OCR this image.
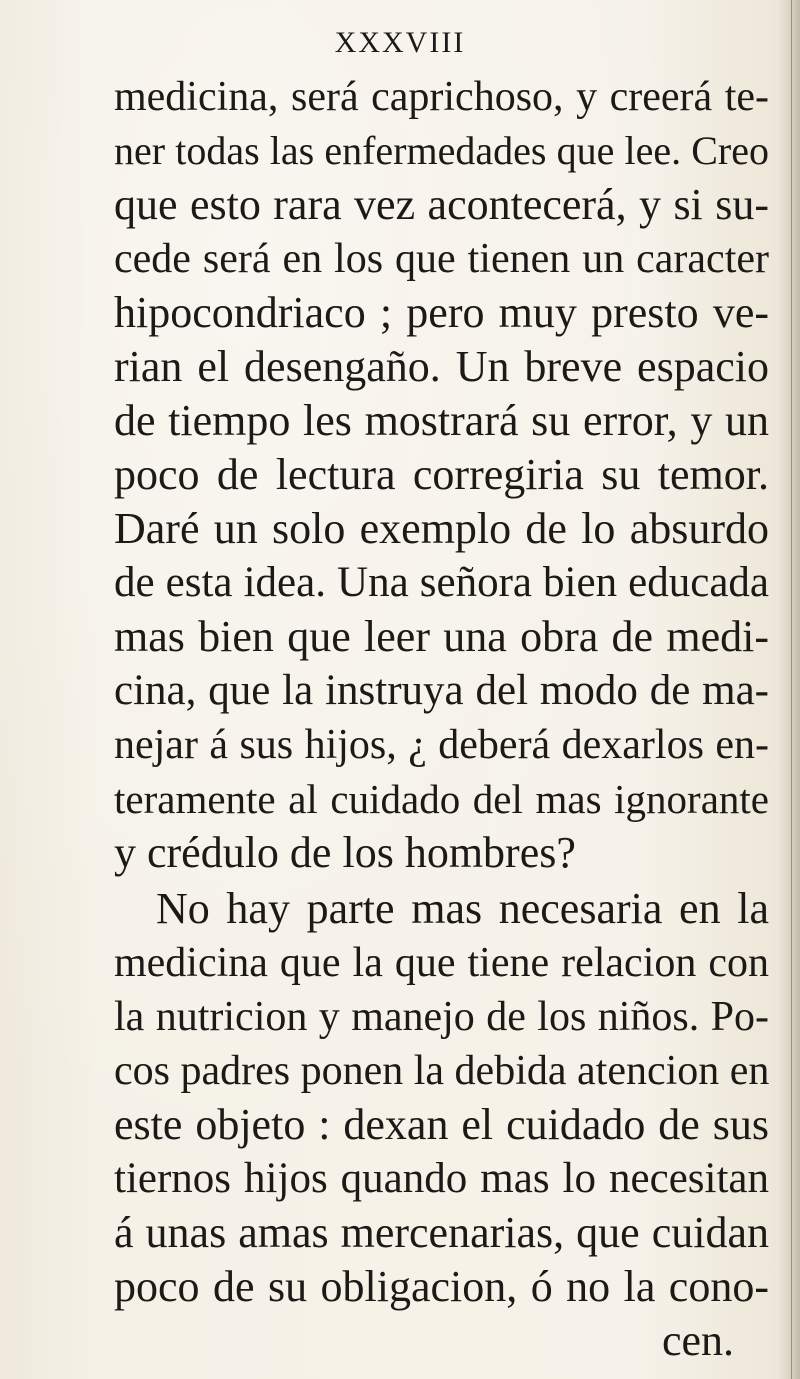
XXXVIII
medicina, será caprichoso, y creerá te-
ner todas las enfermedades que lee. Creo
que esto rara vez acontecerá, y si su-
cede será en los que tienen un caracter
hipocondriaco ; pero muy presto ve-
rian el desengaño. Un breve espacio
de tiempo les mostrará su error, y un
poco de lectura corregiria su temor.
Daré un solo exemplo de lo absurdo
de esta idea. Una señora bien educada
mas bien que leer una obra de medi-
cina, que la instruya del modo de ma-
nejar á sus hijos, ¿ deberá dexarlos en-
teramente al cuidado del mas ignorante
y crédulo de los hombres?
No hay parte mas necesaria en la
medicina que la que tiene relacion con
la nutricion y manejo de los niños. Po-
cos padres ponen la debida atencion en
este objeto : dexan el cuidado de sus
tiernos hijos quando mas lo necesitan
á unas amas mercenarias, que cuidan
poco de su obligacion, ó no la cono-
cen.
